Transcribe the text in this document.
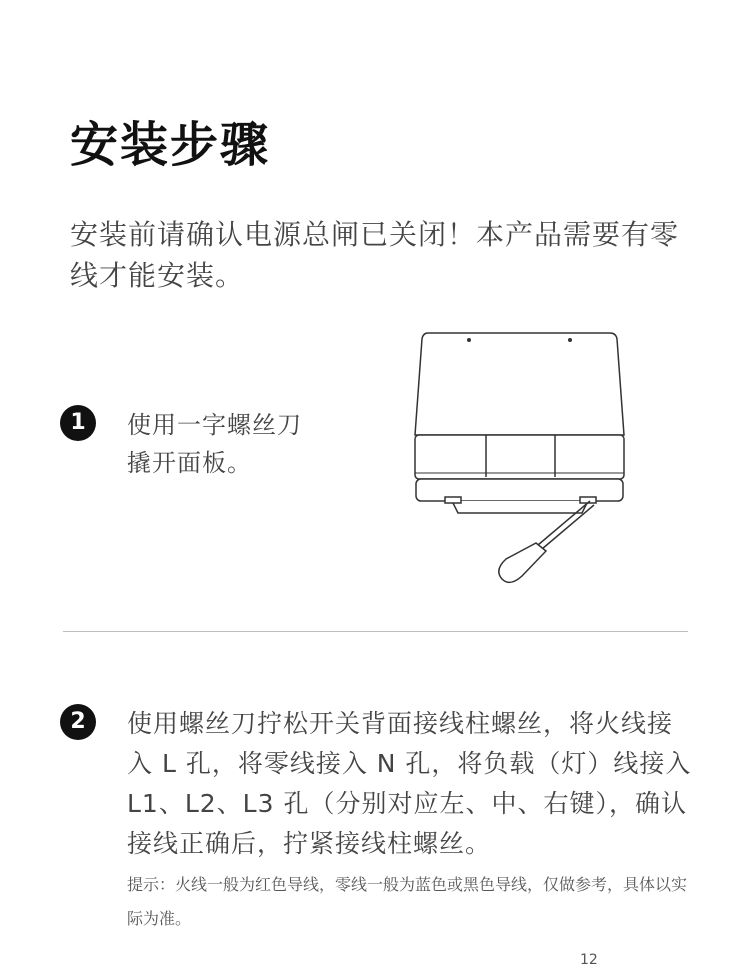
安装步骤

安装前请确认电源总闸已关闭！本产品需要有零线才能安装。

1	使用一字螺丝刀
撬开面板。

2	使用螺丝刀拧松开关背面接线柱螺丝，将火线接入 L 孔，将零线接入 N 孔，将负载（灯）线接入 L1、L2、L3 孔（分别对应左、中、右键），确认接线正确后，拧紧接线柱螺丝。

提示：火线一般为红色导线，零线一般为蓝色或黑色导线，仅做参考，具体以实际为准。

12
